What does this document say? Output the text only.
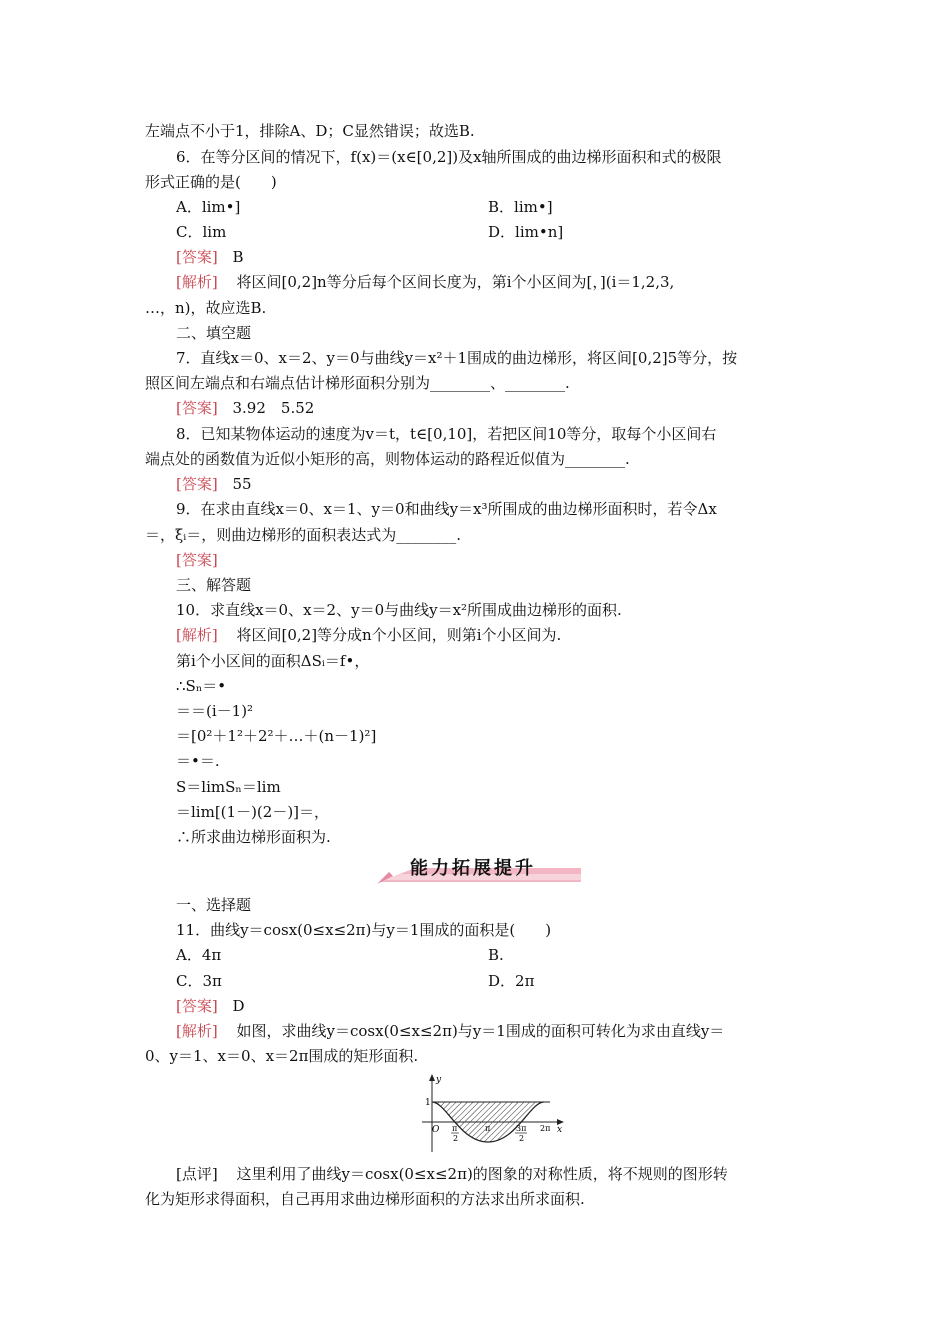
左端点不小于1，排除A、D；C显然错误；故选B.
6．在等分区间的情况下，f(x)＝(x∈[0,2])及x轴所围成的曲边梯形面积和式的极限
形式正确的是(　　)
A．lim•]	B．lim•]
C．lim	D．lim•n]
[答案] B
[解析] 将区间[0,2]n等分后每个区间长度为，第i个小区间为[，](i＝1,2,3,
…，n)，故应选B.
二、填空题
7．直线x＝0、x＝2、y＝0与曲线y＝x²＋1围成的曲边梯形，将区间[0,2]5等分，按
照区间左端点和右端点估计梯形面积分别为________、________.
[答案] 3.92　5.52
8．已知某物体运动的速度为v＝t，t∈[0,10]，若把区间10等分，取每个小区间右
端点处的函数值为近似小矩形的高，则物体运动的路程近似值为________.
[答案] 55
9．在求由直线x＝0、x＝1、y＝0和曲线y＝x³所围成的曲边梯形面积时，若令Δx
＝，ξᵢ＝，则曲边梯形的面积表达式为________.
[答案]
三、解答题
10．求直线x＝0、x＝2、y＝0与曲线y＝x²所围成曲边梯形的面积.
[解析] 将区间[0,2]等分成n个小区间，则第i个小区间为.
第i个小区间的面积ΔSᵢ＝f•，
∴Sₙ＝•
＝＝(i－1)²
＝[0²＋1²＋2²＋…＋(n－1)²]
＝•＝.
S＝limSₙ＝lim
＝lim[(1－)(2－)]＝，
∴所求曲边梯形面积为.
能力拓展提升
一、选择题
11．曲线y＝cosx(0≤x≤2π)与y＝1围成的面积是(　　)
A．4π	B.
C．3π	D．2π
[答案] D
[解析] 如图，求曲线y＝cosx(0≤x≤2π)与y＝1围成的面积可转化为求由直线y＝
0、y＝1、x＝0、x＝2π围成的矩形面积.
y
x
1
O π
2
π	3π
2
2π
[点评] 这里利用了曲线y＝cosx(0≤x≤2π)的图象的对称性质，将不规则的图形转
化为矩形求得面积，自己再用求曲边梯形面积的方法求出所求面积.
